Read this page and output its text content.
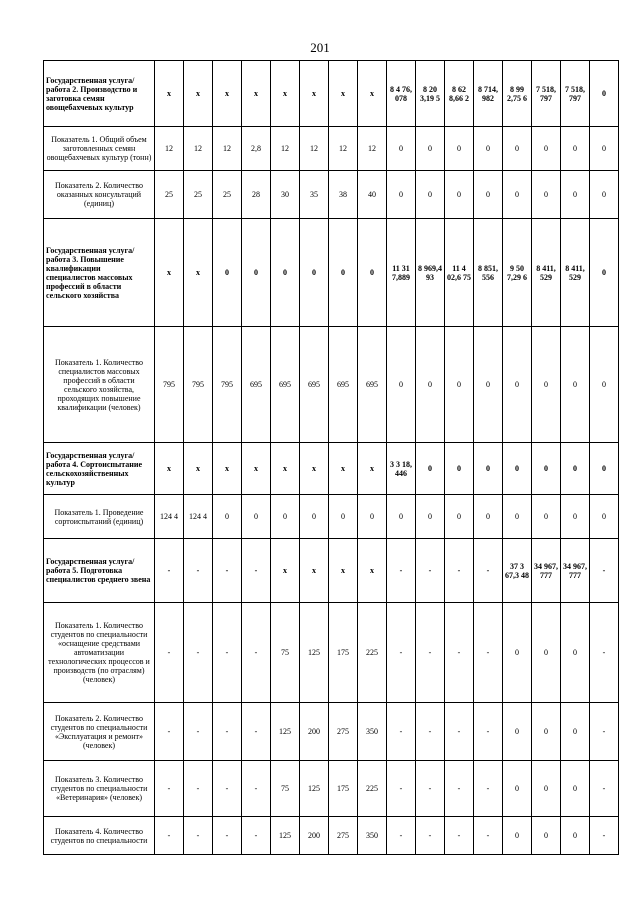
201
Государственная услуга/работа 2. Производство и заготовка семян овощебахчевых культур	x	x	x	x	x	x	x	x	8 4 76, 078	8 20 3,19 5	8 62 8,66 2	8 714, 982	8 99 2,75 6	7 518, 797	7 518, 797	0
Показатель 1. Общий объем заготовленных семян овощебахчевых культур (тонн)	12	12	12	2,8	12	12	12	12	0	0	0	0	0	0	0	0
Показатель 2. Количество оказанных консультаций (единиц)	25	25	25	28	30	35	38	40	0	0	0	0	0	0	0	0
Государственная услуга/работа 3. Повышение квалификации специалистов массовых профессий в области сельского хозяйства	x	x	0	0	0	0	0	0	11 31 7,889	8 969,4 93	11 4 02,6 75	8 851, 556	9 50 7,29 6	8 411, 529	8 411, 529	0
Показатель 1. Количество специалистов массовых профессий в области сельского хозяйства, проходящих повышение квалификации (человек)	795	795	795	695	695	695	695	695	0	0	0	0	0	0	0	0
Государственная услуга/работа 4. Сортоиспытание сельскохозяйственных культур	x	x	x	x	x	x	x	x	3 3 18, 446	0	0	0	0	0	0	0
Показатель 1. Проведение сортоиспытаний (единиц)	124 4	124 4	0	0	0	0	0	0	0	0	0	0	0	0	0	0
Государственная услуга/работа 5. Подготовка специалистов среднего звена	-	-	-	-	x	x	x	x	-	-	-	-	37 3 67,3 48	34 967, 777	34 967, 777	-
Показатель 1. Количество студентов по специальности «оснащение средствами автоматизации технологических процессов и производств (по отраслям) (человек)	-	-	-	-	75	125	175	225	-	-	-	-	0	0	0	-
Показатель 2. Количество студентов по специальности «Эксплуатация и ремонт» (человек)	-	-	-	-	125	200	275	350	-	-	-	-	0	0	0	-
Показатель 3. Количество студентов по специальности «Ветеринария» (человек)	-	-	-	-	75	125	175	225	-	-	-	-	0	0	0	-
Показатель 4. Количество студентов по специальности	-	-	-	-	125	200	275	350	-	-	-	-	0	0	0	-
